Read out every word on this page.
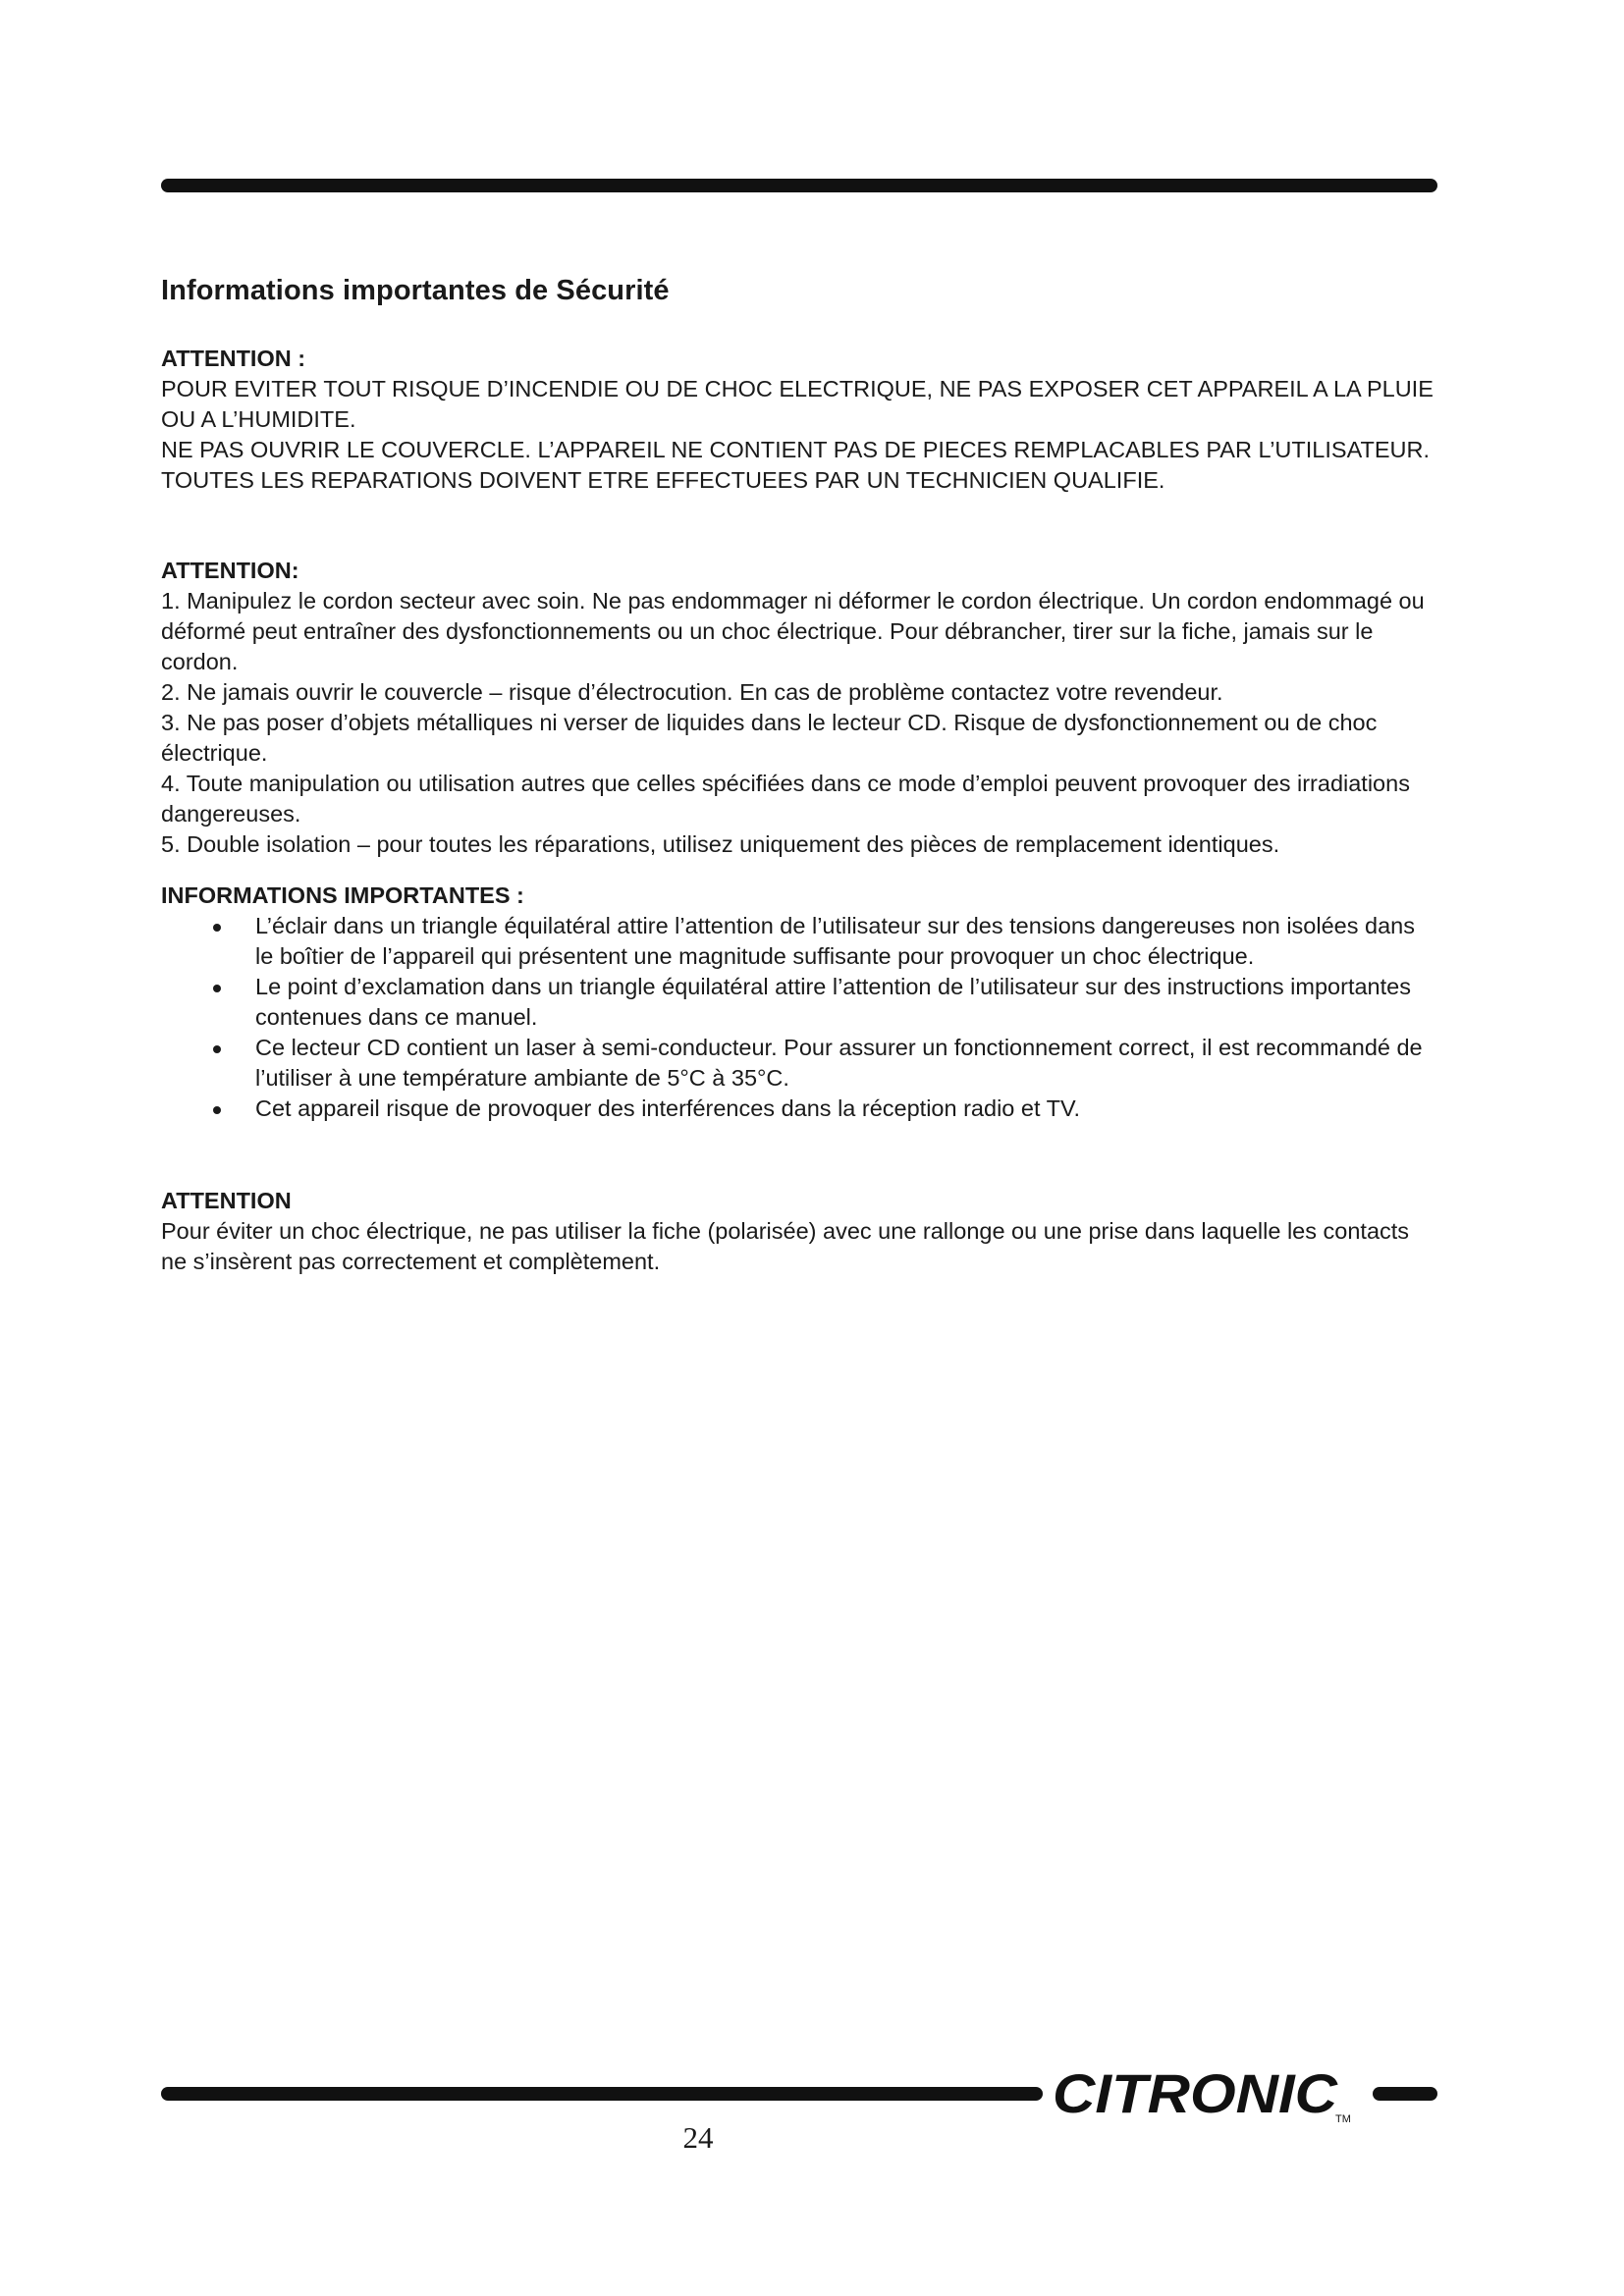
Informations importantes de Sécurité
ATTENTION :

POUR EVITER TOUT RISQUE D’INCENDIE OU DE CHOC ELECTRIQUE, NE PAS EXPOSER CET APPAREIL A LA PLUIE OU A L’HUMIDITE.

NE PAS OUVRIR LE COUVERCLE. L’APPAREIL NE CONTIENT PAS DE PIECES REMPLACABLES PAR L’UTILISATEUR. TOUTES LES REPARATIONS DOIVENT ETRE EFFECTUEES PAR UN TECHNICIEN QUALIFIE.

ATTENTION:

1. Manipulez le cordon secteur avec soin. Ne pas endommager ni déformer le cordon électrique. Un cordon endommagé ou déformé peut entraîner des dysfonctionnements ou un choc électrique. Pour débrancher, tirer sur la fiche, jamais sur le cordon.

2. Ne jamais ouvrir le couvercle – risque d’électrocution. En cas de problème contactez votre revendeur.

3. Ne pas poser d’objets métalliques ni verser de liquides dans le lecteur CD. Risque de dysfonctionnement ou de choc électrique.

4. Toute manipulation ou utilisation autres que celles spécifiées dans ce mode d’emploi peuvent provoquer des irradiations dangereuses.

5. Double isolation – pour toutes les réparations, utilisez uniquement des pièces de remplacement identiques.

INFORMATIONS IMPORTANTES :
L’éclair dans un triangle équilatéral attire l’attention de l’utilisateur sur des tensions dangereuses non isolées dans le boîtier de l’appareil qui présentent une magnitude suffisante pour provoquer un choc électrique.
Le point d’exclamation dans un triangle équilatéral attire l’attention de l’utilisateur sur des instructions importantes contenues dans ce manuel.
Ce lecteur CD contient un laser à semi-conducteur. Pour assurer un fonctionnement correct, il est recommandé de l’utiliser à une température ambiante de 5°C à 35°C.
Cet appareil risque de provoquer des interférences dans la réception radio et TV.
ATTENTION

Pour éviter un choc électrique, ne pas utiliser la fiche (polarisée) avec une rallonge ou une prise dans laquelle les contacts ne s’insèrent pas correctement et complètement.

CITRONIC
TM
24
